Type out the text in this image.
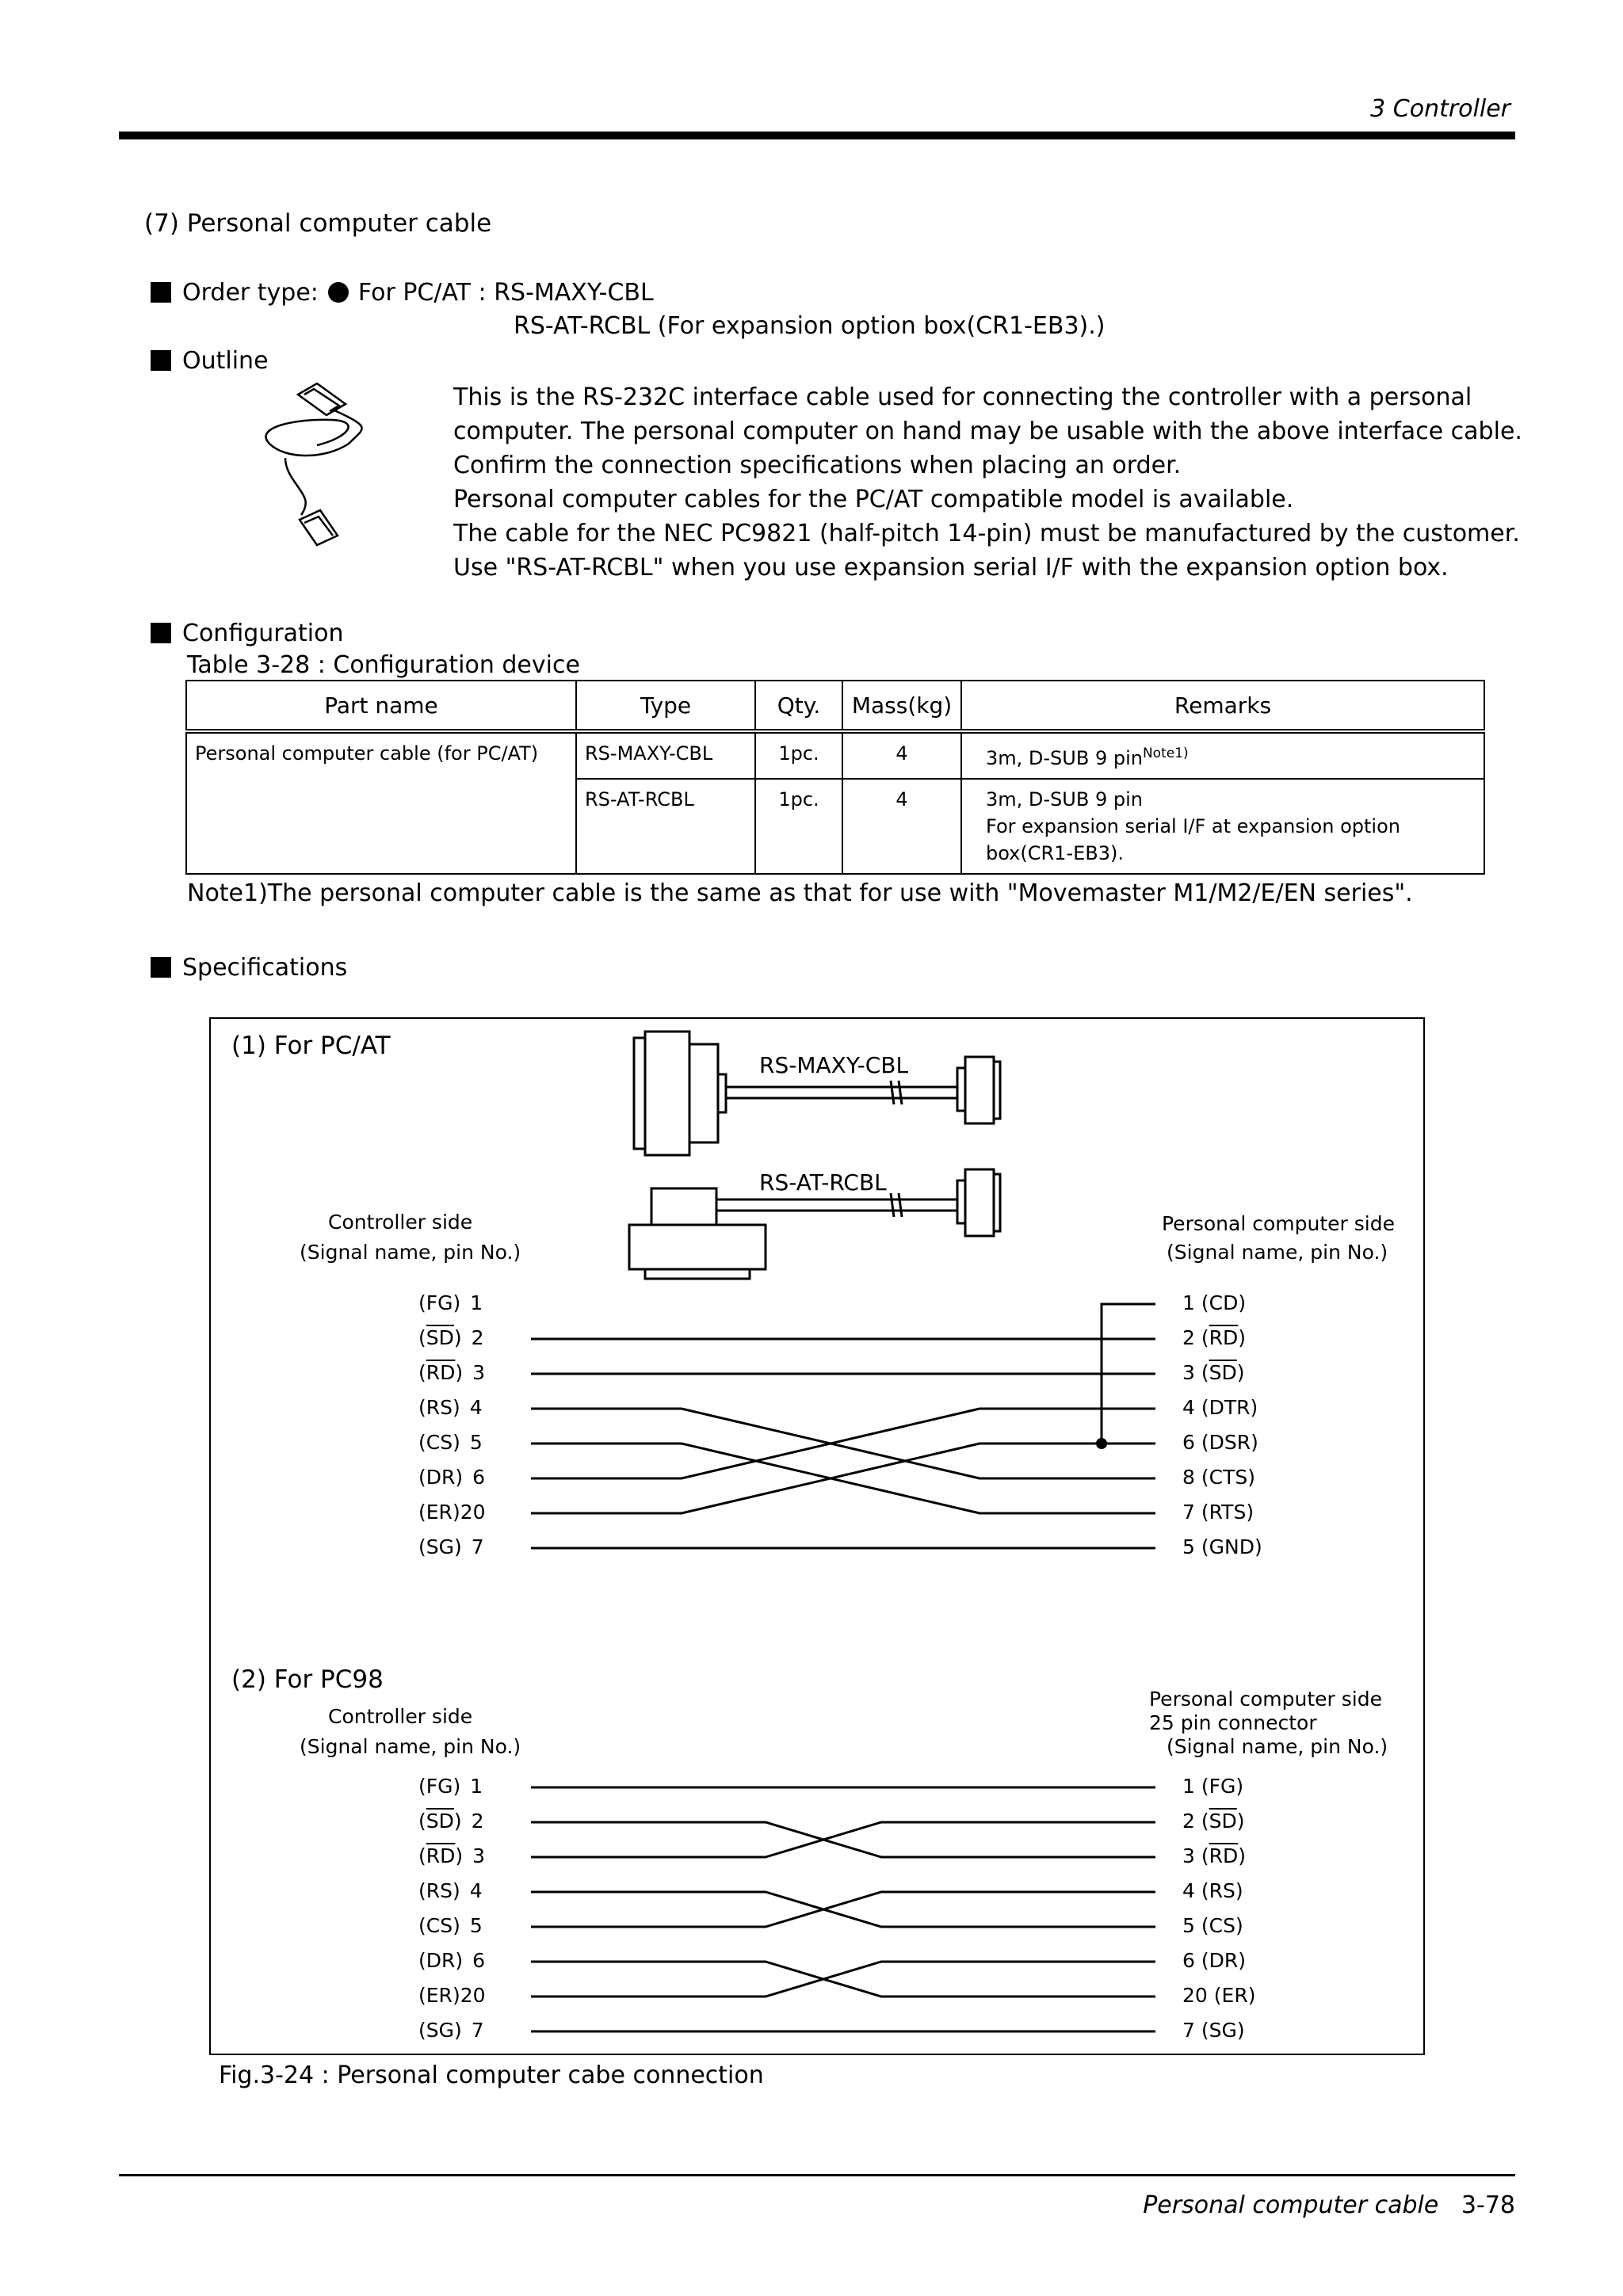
3 Controller
(7) Personal computer cable
Order type: For PC/AT : RS-MAXY-CBL
RS-AT-RCBL (For expansion option box(CR1-EB3).)
Outline
This is the RS-232C interface cable used for connecting the controller with a personal
computer. The personal computer on hand may be usable with the above interface cable.
Confirm the connection specifications when placing an order.
Personal computer cables for the PC/AT compatible model is available.
The cable for the NEC PC9821 (half-pitch 14-pin) must be manufactured by the customer.
Use "RS-AT-RCBL" when you use expansion serial I/F with the expansion option box.
Configuration
Table 3-28 : Configuration device
Part name	Type	Qty.	Mass(kg)	Remarks
Personal computer cable (for PC/AT)	RS-MAXY-CBL	1pc.	4	3m, D-SUB 9 pin$^{Note1)}$
	RS-AT-RCBL	1pc.	4	3m, D-SUB 9 pin
For expansion serial I/F at expansion option box(CR1-EB3).
Note1)The personal computer cable is the same as that for use with "Movemaster M1/M2/E/EN series".
Specifications
(1) For PC/AT
RS-MAXY-CBL
RS-AT-RCBL
Controller side
(Signal name, pin No.)
Personal computer side
(Signal name, pin No.)
(2) For PC98
Controller side
(Signal name, pin No.)
Personal computer side
25 pin connector
(Signal name, pin No.)
(FG) 1
$(\overline{SD})$ 2
$(\overline{RD})$ 3
(RS) 4
(CS) 5
(DR) 6
(ER)20
(SG) 7
1 (CD)
2 $(\overline{RD})$
3 $(\overline{SD})$
4 (DTR)
6 (DSR)
8 (CTS)
7 (RTS)
5 (GND)
(FG) 1
$(\overline{SD})$ 2
$(\overline{RD})$ 3
(RS) 4
(CS) 5
(DR) 6
(ER)20
(SG) 7
1 (FG)
2 $(\overline{SD})$
3 $(\overline{RD})$
4 (RS)
5 (CS)
6 (DR)
20 (ER)
7 (SG)
Fig.3-24 : Personal computer cabe connection
Personal computer cable 3-78
